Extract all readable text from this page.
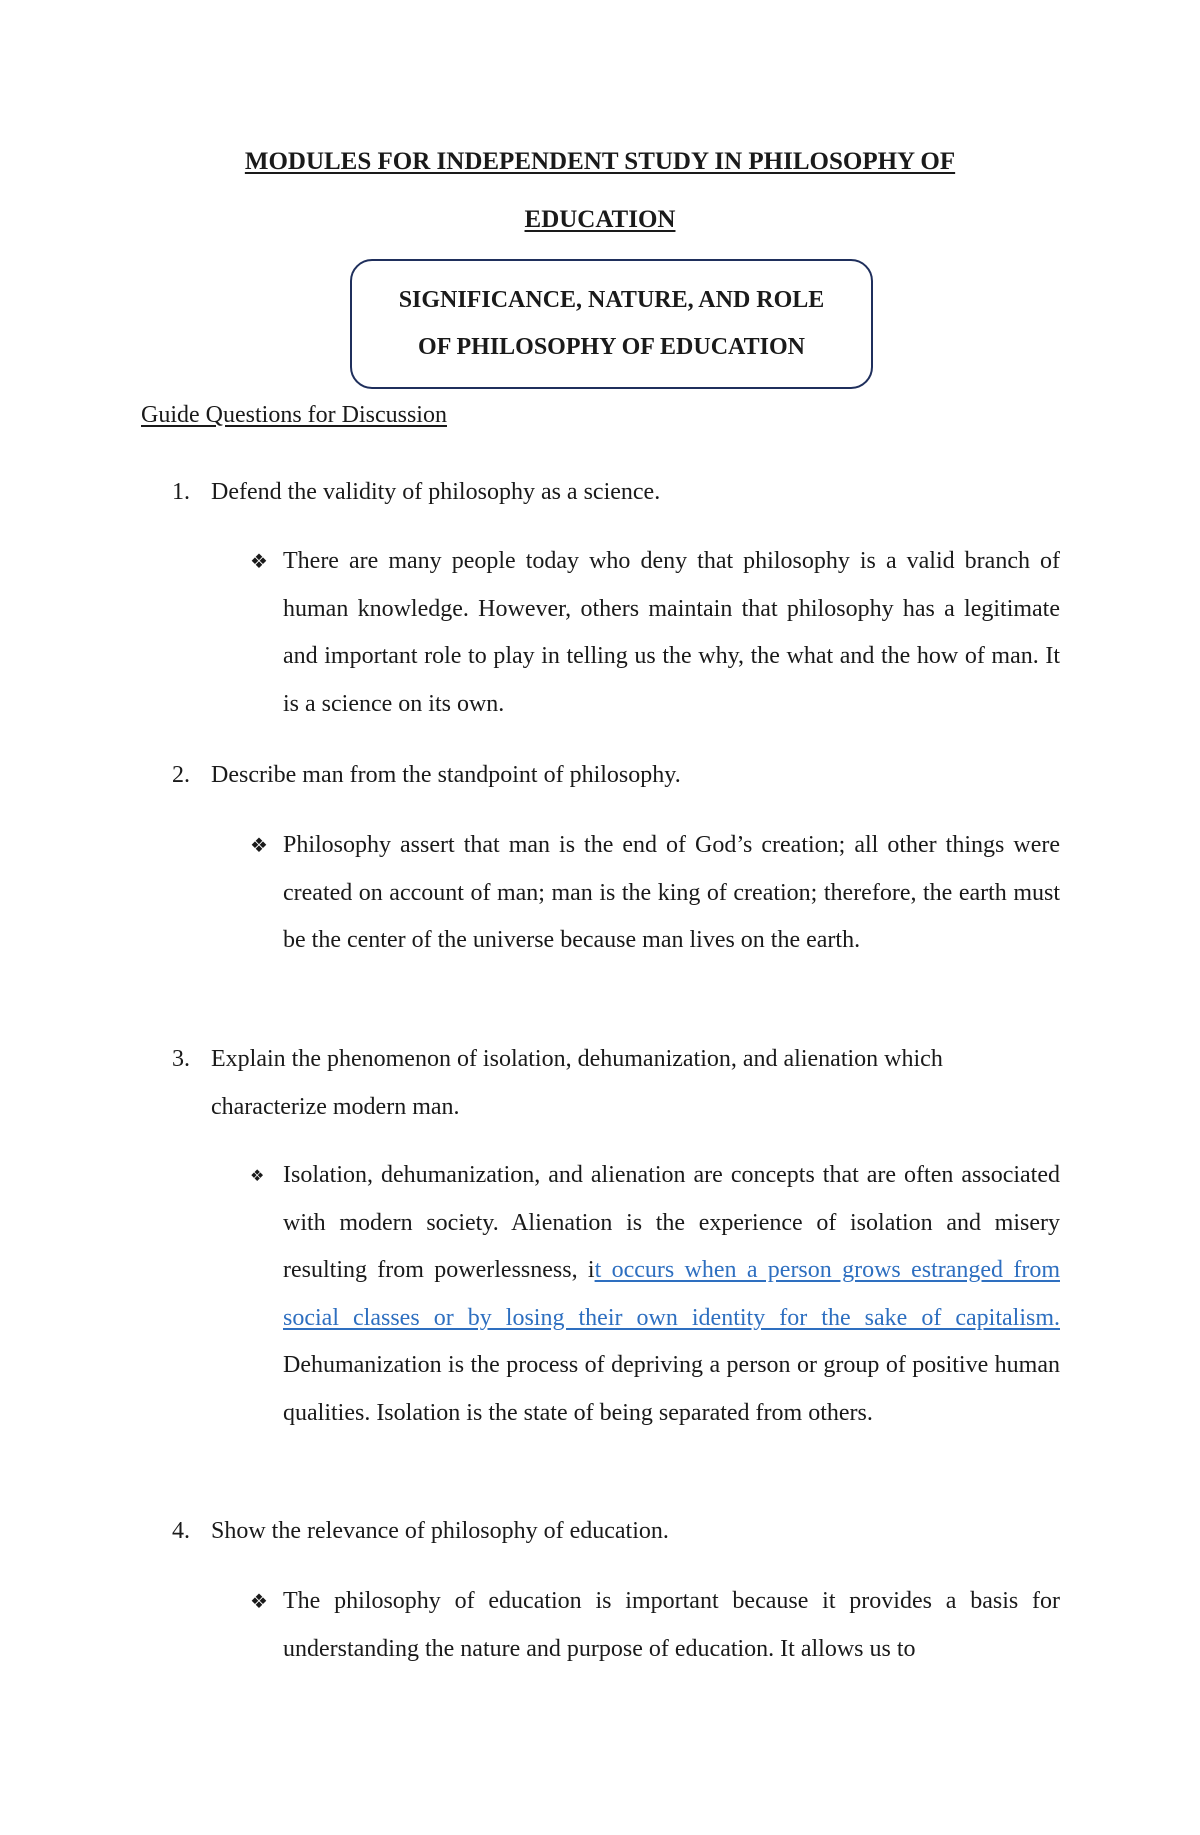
MODULES FOR INDEPENDENT STUDY IN PHILOSOPHY OF
EDUCATION
SIGNIFICANCE, NATURE, AND ROLE
OF PHILOSOPHY OF EDUCATION
Guide Questions for Discussion
1. Defend the validity of philosophy as a science.
❖ There are many people today who deny that philosophy is a valid branch of human knowledge. However, others maintain that philosophy has a legitimate and important role to play in telling us the why, the what and the how of man. It is a science on its own.
2. Describe man from the standpoint of philosophy.
❖ Philosophy assert that man is the end of God’s creation; all other things were created on account of man; man is the king of creation; therefore, the earth must be the center of the universe because man lives on the earth.
3. Explain the phenomenon of isolation, dehumanization, and alienation which characterize modern man.
❖ Isolation, dehumanization, and alienation are concepts that are often associated with modern society. Alienation is the experience of isolation and misery resulting from powerlessness, it occurs when a person grows estranged from social classes or by losing their own identity for the sake of capitalism. Dehumanization is the process of depriving a person or group of positive human qualities. Isolation is the state of being separated from others.
4. Show the relevance of philosophy of education.
❖ The philosophy of education is important because it provides a basis for understanding the nature and purpose of education. It allows us to
